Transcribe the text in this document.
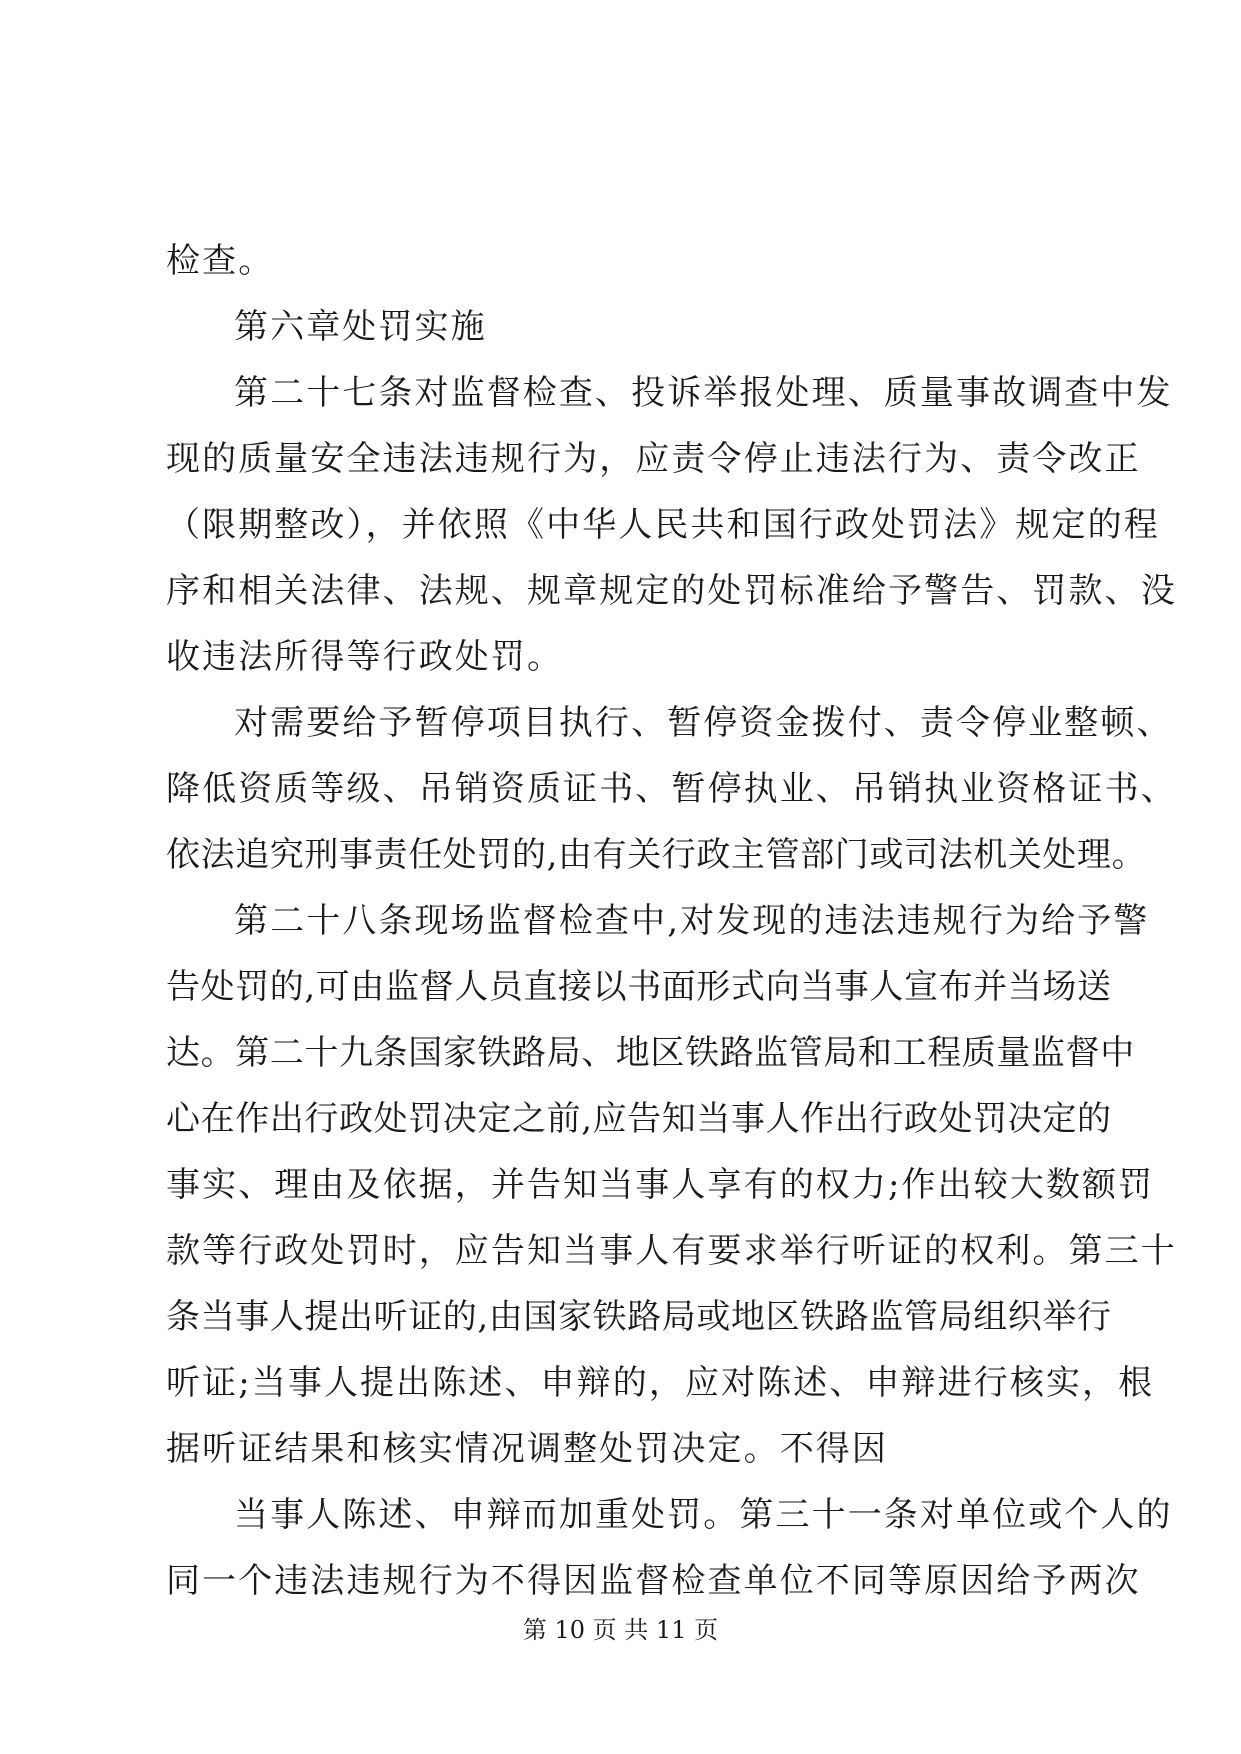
检查。
第六章处罚实施
第二十七条对监督检查、投诉举报处理、质量事故调查中发
现的质量安全违法违规行为，应责令停止违法行为、责令改正
（限期整改），并依照《中华人民共和国行政处罚法》规定的程
序和相关法律、法规、规章规定的处罚标准给予警告、罚款、没
收违法所得等行政处罚。
对需要给予暂停项目执行、暂停资金拨付、责令停业整顿、
降低资质等级、吊销资质证书、暂停执业、吊销执业资格证书、
依法追究刑事责任处罚的,由有关行政主管部门或司法机关处理。
第二十八条现场监督检查中,对发现的违法违规行为给予警
告处罚的,可由监督人员直接以书面形式向当事人宣布并当场送
达。第二十九条国家铁路局、地区铁路监管局和工程质量监督中
心在作出行政处罚决定之前,应告知当事人作出行政处罚决定的
事实、理由及依据，并告知当事人享有的权力;作出较大数额罚
款等行政处罚时，应告知当事人有要求举行听证的权利。第三十
条当事人提出听证的,由国家铁路局或地区铁路监管局组织举行
听证;当事人提出陈述、申辩的，应对陈述、申辩进行核实，根
据听证结果和核实情况调整处罚决定。不得因
当事人陈述、申辩而加重处罚。第三十一条对单位或个人的
同一个违法违规行为不得因监督检查单位不同等原因给予两次
第 10 页 共 11 页
